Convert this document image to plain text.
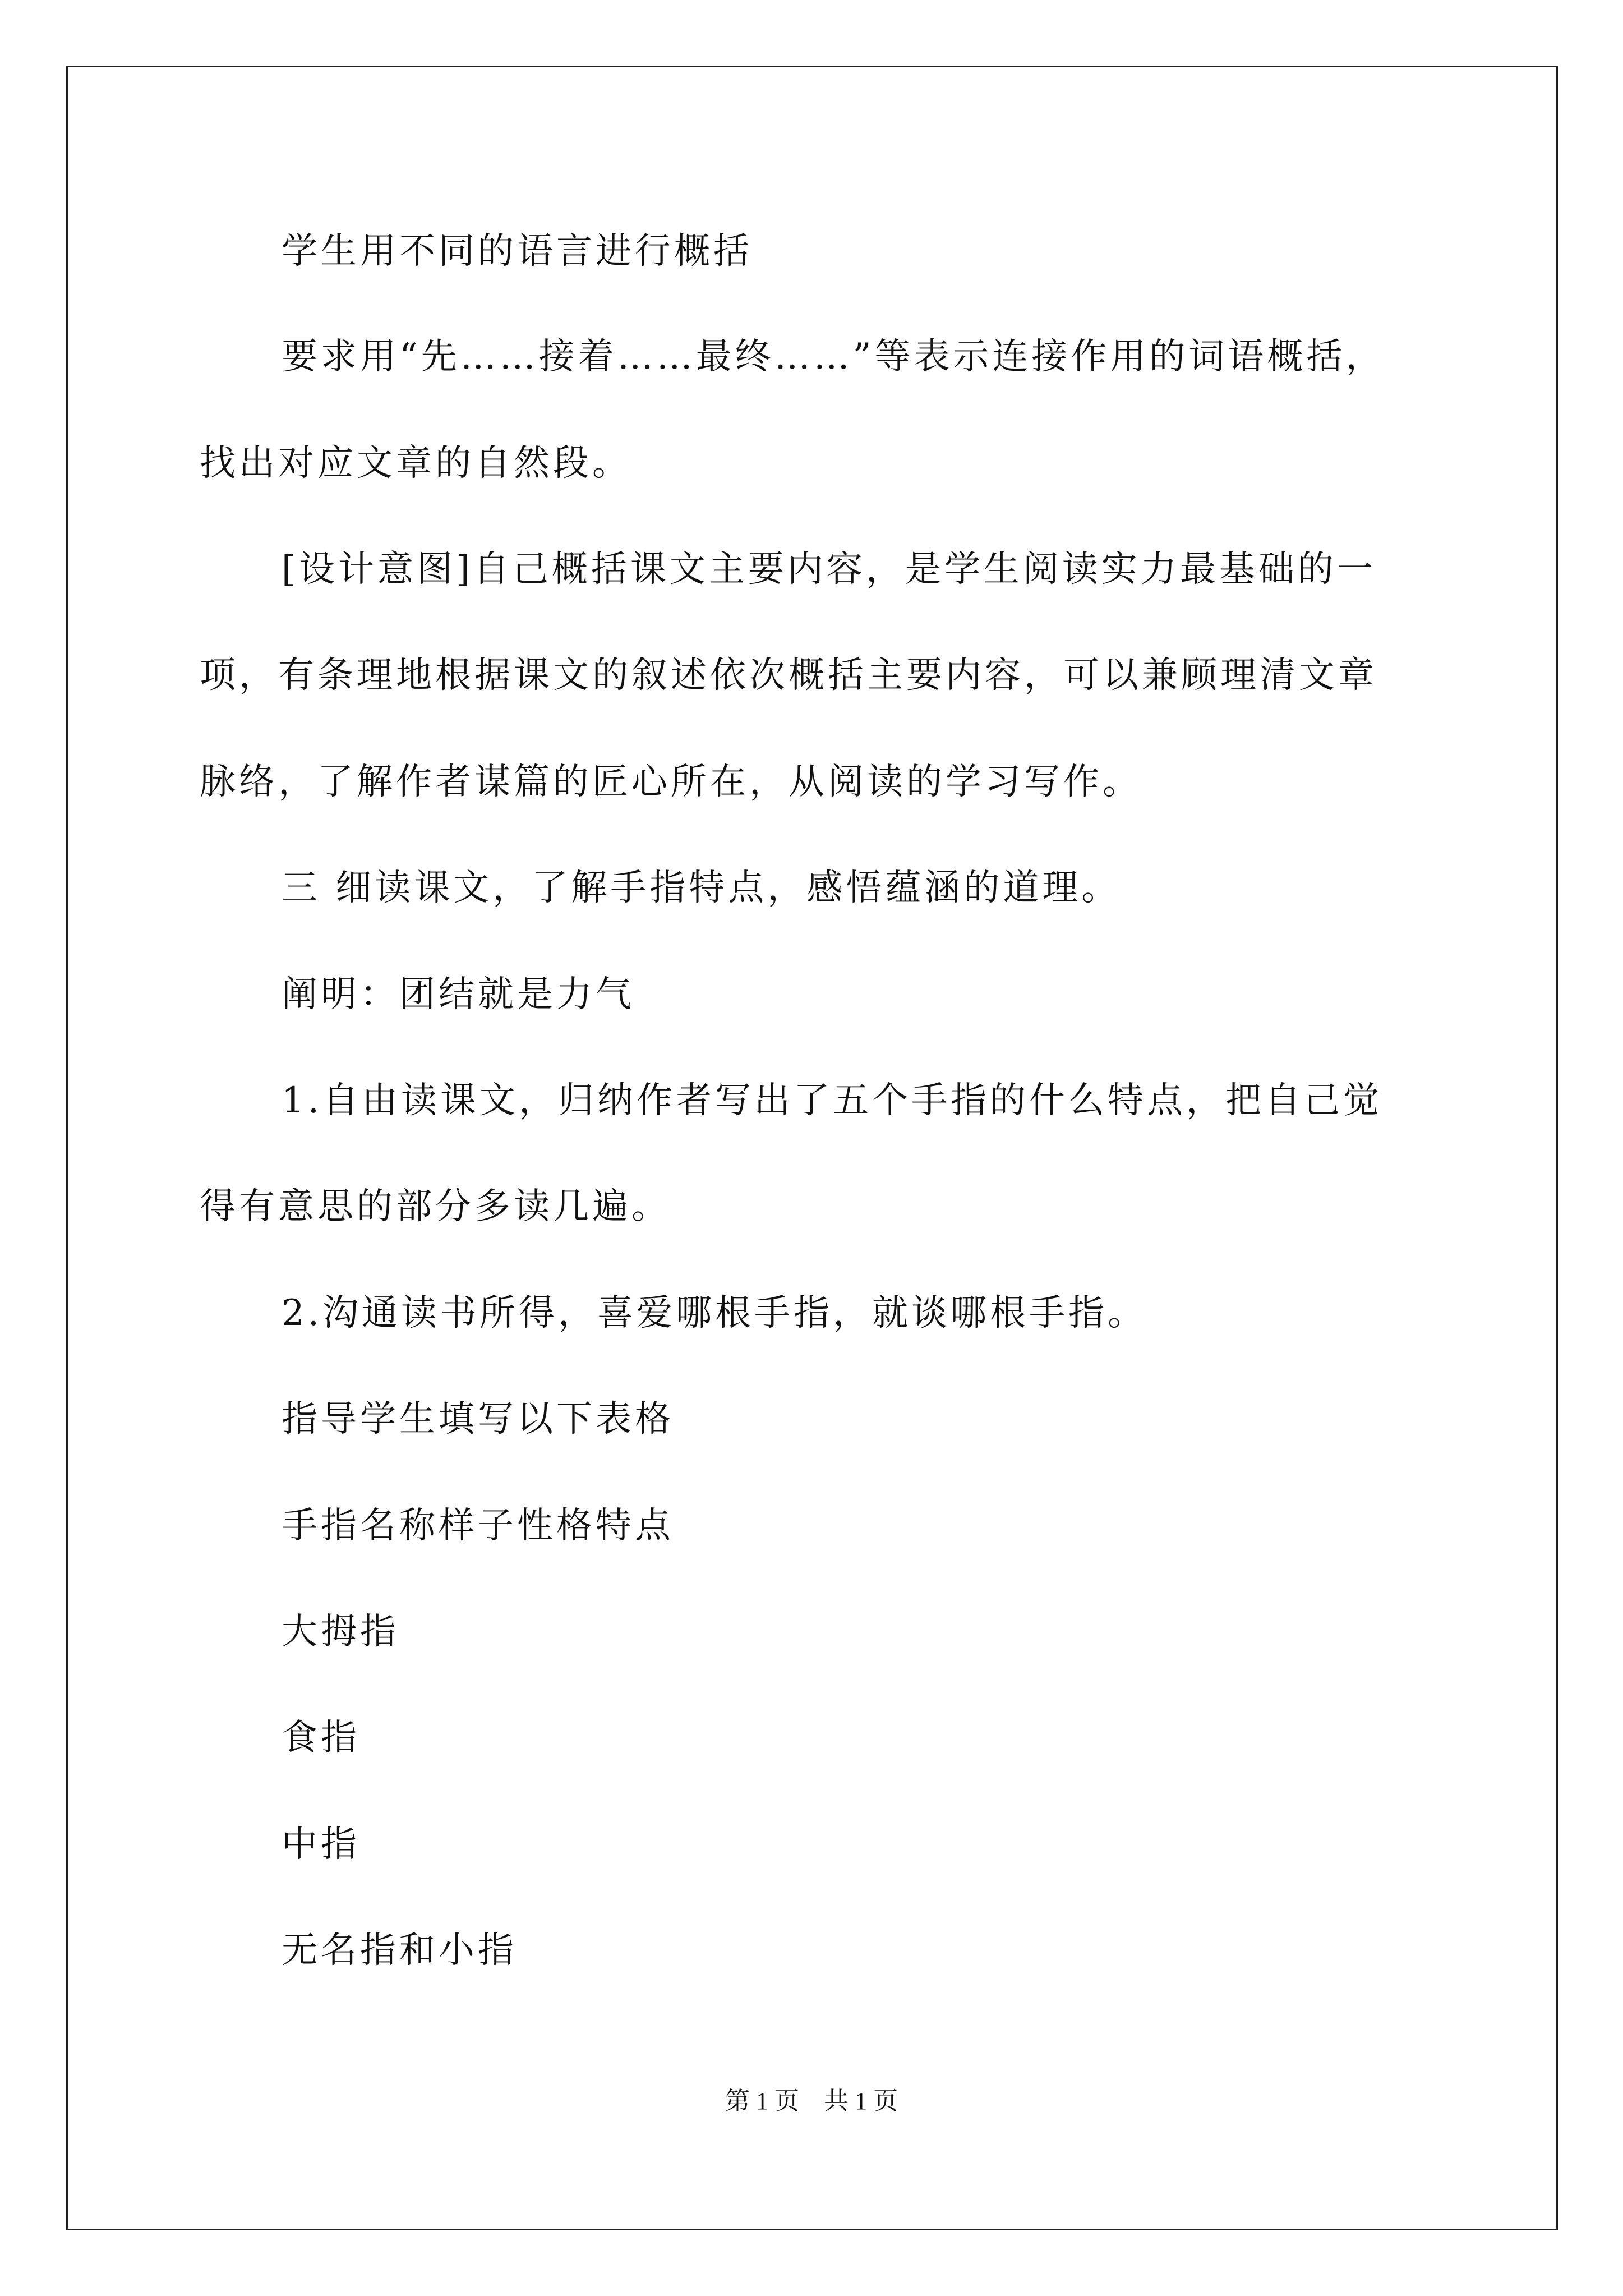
学生用不同的语言进行概括
要求用“先……接着……最终……”等表示连接作用的词语概括，
找出对应文章的自然段。
[设计意图]自己概括课文主要内容，是学生阅读实力最基础的一
项，有条理地根据课文的叙述依次概括主要内容，可以兼顾理清文章
脉络，了解作者谋篇的匠心所在，从阅读的学习写作。
三 细读课文，了解手指特点，感悟蕴涵的道理。
阐明：团结就是力气
1.自由读课文，归纳作者写出了五个手指的什么特点，把自己觉
得有意思的部分多读几遍。
2.沟通读书所得，喜爱哪根手指，就谈哪根手指。
指导学生填写以下表格
手指名称样子性格特点
大拇指
食指
中指
无名指和小指
第 1 页　共 1 页
